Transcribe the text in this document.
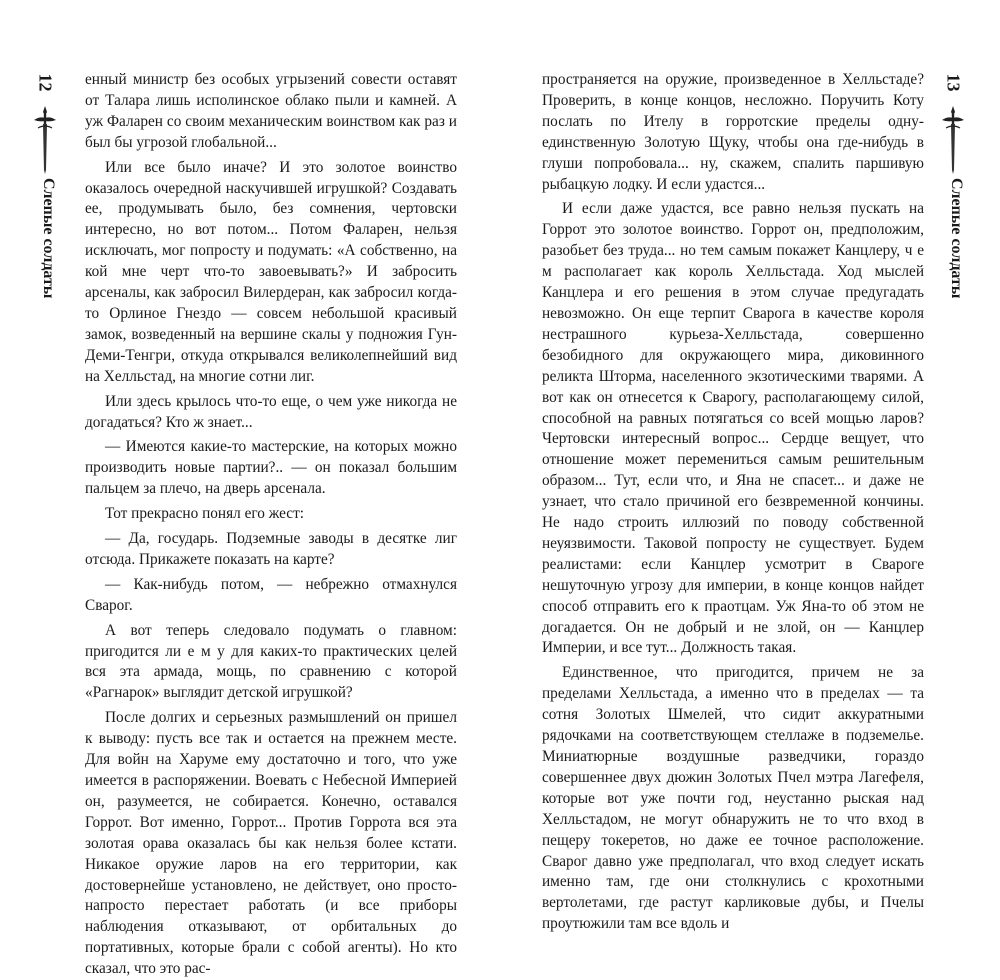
12
Слепые солдаты

енный министр без особых угрызений совести оставят от Талара лишь исполинское облако пыли и камней. А уж Фаларен со своим механическим воинством как раз и был бы угрозой глобальной...

Или все было иначе? И это золотое воинство оказалось очередной наскучившей игрушкой? Создавать ее, продумывать было, без сомнения, чертовски интересно, но вот потом... Потом Фаларен, нельзя исключать, мог попросту и подумать: «А собственно, на кой мне черт что-то завоевывать?» И забросить арсеналы, как забросил Вилердеран, как забросил когда-то Орлиное Гнездо — совсем небольшой красивый замок, возведенный на вершине скалы у подножия Гун-Деми-Тенгри, откуда открывался великолепнейший вид на Хелльстад, на многие сотни лиг.

Или здесь крылось что-то еще, о чем уже никогда не догадаться? Кто ж знает...

— Имеются какие-то мастерские, на которых можно производить новые партии?.. — он показал большим пальцем за плечо, на дверь арсенала.

Тот прекрасно понял его жест:

— Да, государь. Подземные заводы в десятке лиг отсюда. Прикажете показать на карте?

— Как-нибудь потом, — небрежно отмахнулся Сварог.

А вот теперь следовало подумать о главном: пригодится ли е м у для каких-то практических целей вся эта армада, мощь, по сравнению с которой «Рагнарок» выглядит детской игрушкой?

После долгих и серьезных размышлений он пришел к выводу: пусть все так и остается на прежнем месте. Для войн на Харуме ему достаточно и того, что уже имеется в распоряжении. Воевать с Небесной Империей он, разумеется, не собирается. Конечно, оставался Горрот. Вот именно, Горрот... Против Горрота вся эта золотая орава оказалась бы как нельзя более кстати. Никакое оружие ларов на его территории, как достовернейше установлено, не действует, оно просто-напросто перестает работать (и все приборы наблюдения отказывают, от орбитальных до портативных, которые брали с собой агенты). Но кто сказал, что это рас-

13
Слепые солдаты

пространяется на оружие, произведенное в Хелльстаде? Проверить, в конце концов, несложно. Поручить Коту послать по Ителу в горротские пределы одну-единственную Золотую Щуку, чтобы она где-нибудь в глуши попробовала... ну, скажем, спалить паршивую рыбацкую лодку. И если удастся...

И если даже удастся, все равно нельзя пускать на Горрот это золотое воинство. Горрот он, предположим, разобьет без труда... но тем самым покажет Канцлеру, ч е м располагает как король Хелльстада. Ход мыслей Канцлера и его решения в этом случае предугадать невозможно. Он еще терпит Сварога в качестве короля нестрашного курьеза-Хелльстада, совершенно безобидного для окружающего мира, диковинного реликта Шторма, населенного экзотическими тварями. А вот как он отнесется к Сварогу, располагающему силой, способной на равных потягаться со всей мощью ларов? Чертовски интересный вопрос... Сердце вещует, что отношение может перемениться самым решительным образом... Тут, если что, и Яна не спасет... и даже не узнает, что стало причиной его безвременной кончины. Не надо строить иллюзий по поводу собственной неуязвимости. Таковой попросту не существует. Будем реалистами: если Канцлер усмотрит в Свароге нешуточную угрозу для империи, в конце концов найдет способ отправить его к праотцам. Уж Яна-то об этом не догадается. Он не добрый и не злой, он — Канцлер Империи, и все тут... Должность такая.

Единственное, что пригодится, причем не за пределами Хелльстада, а именно что в пределах — та сотня Золотых Шмелей, что сидит аккуратными рядочками на соответствующем стеллаже в подземелье. Миниатюрные воздушные разведчики, гораздо совершеннее двух дюжин Золотых Пчел мэтра Лагефеля, которые вот уже почти год, неустанно рыская над Хелльстадом, не могут обнаружить не то что вход в пещеру токеретов, но даже ее точное расположение. Сварог давно уже предполагал, что вход следует искать именно там, где они столкнулись с крохотными вертолетами, где растут карликовые дубы, и Пчелы проутюжили там все вдоль и
